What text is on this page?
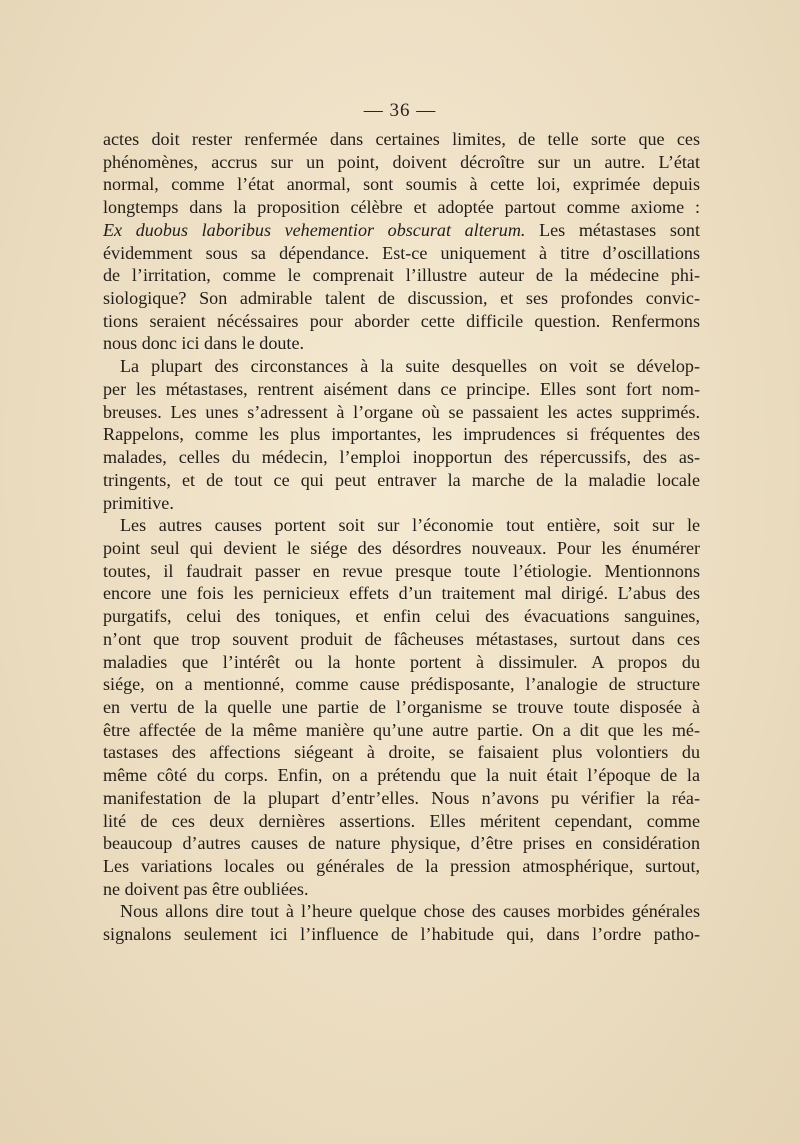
— 36 —
actes doit rester renfermée dans certaines limites, de telle sorte que ces
phénomènes, accrus sur un point, doivent décroître sur un autre. L’état
normal, comme l’état anormal, sont soumis à cette loi, exprimée depuis
longtemps dans la proposition célèbre et adoptée partout comme axiome :
Ex duobus laboribus vehementior obscurat alterum. Les métastases sont
évidemment sous sa dépendance. Est-ce uniquement à titre d’oscillations
de l’irritation, comme le comprenait l’illustre auteur de la médecine phi-
siologique? Son admirable talent de discussion, et ses profondes convic-
tions seraient nécéssaires pour aborder cette difficile question. Renfermons
nous donc ici dans le doute.
La plupart des circonstances à la suite desquelles on voit se dévelop-
per les métastases, rentrent aisément dans ce principe. Elles sont fort nom-
breuses. Les unes s’adressent à l’organe où se passaient les actes supprimés.
Rappelons, comme les plus importantes, les imprudences si fréquentes des
malades, celles du médecin, l’emploi inopportun des répercussifs, des as-
tringents, et de tout ce qui peut entraver la marche de la maladie locale
primitive.
Les autres causes portent soit sur l’économie tout entière, soit sur le
point seul qui devient le siége des désordres nouveaux. Pour les énumérer
toutes, il faudrait passer en revue presque toute l’étiologie. Mentionnons
encore une fois les pernicieux effets d’un traitement mal dirigé. L’abus des
purgatifs, celui des toniques, et enfin celui des évacuations sanguines,
n’ont que trop souvent produit de fâcheuses métastases, surtout dans ces
maladies que l’intérêt ou la honte portent à dissimuler. A propos du
siége, on a mentionné, comme cause prédisposante, l’analogie de structure
en vertu de la quelle une partie de l’organisme se trouve toute disposée à
être affectée de la même manière qu’une autre partie. On a dit que les mé-
tastases des affections siégeant à droite, se faisaient plus volontiers du
même côté du corps. Enfin, on a prétendu que la nuit était l’époque de la
manifestation de la plupart d’entr’elles. Nous n’avons pu vérifier la réa-
lité de ces deux dernières assertions. Elles méritent cependant, comme
beaucoup d’autres causes de nature physique, d’être prises en considération
Les variations locales ou générales de la pression atmosphérique, surtout,
ne doivent pas être oubliées.
Nous allons dire tout à l’heure quelque chose des causes morbides générales
signalons seulement ici l’influence de l’habitude qui, dans l’ordre patho-
